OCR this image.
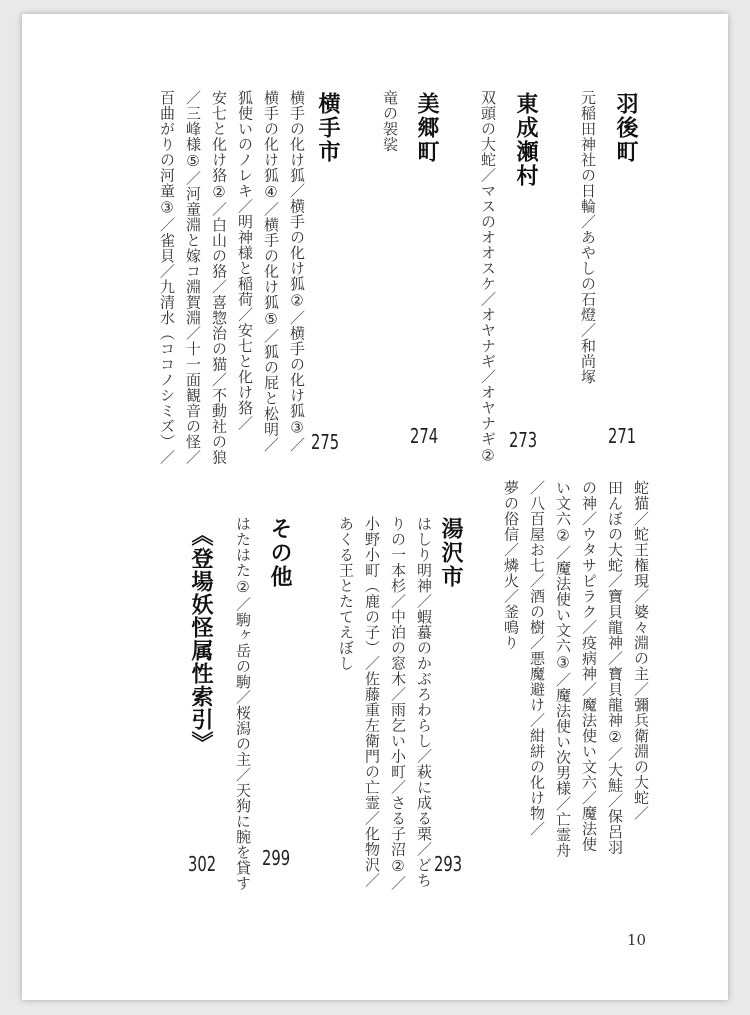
羽後町
元稲田神社の日輪／あやしの石燈／和尚塚
271
東成瀬村
双頭の大蛇／マスのオオスケ／オヤナギ／オヤナギ② 273
美郷町
竜の袈裟
274
横手市
横手の化け狐／横手の化け狐②／横手の化け狐③／
横手の化け狐④／横手の化け狐⑤／狐の屁と松明／
狐使いのノレキ／明神様と稲荷／安七と化け狢／
安七と化け狢②／白山の狢／喜惣治の猫／不動社の狼
／三峰様⑤／河童淵と嫁コ淵賀淵／十一面観音の怪／
百曲がりの河童③／雀貝／九清水（ココノシミズ）／	275
蛇猫／蛇王権現／婆々淵の主／彌兵衛淵の大蛇／
田んぼの大蛇／寶貝龍神／寶貝龍神②／大鮭／保呂羽
の神／ウタサピラク／疫病神／魔法使い文六／魔法使
い文六②／魔法使い文六③／魔法使い次男様／亡霊舟
／八百屋お七／酒の樹／悪魔避け／紺絣の化け物／
夢の俗信／燐火／釜鳴り
湯沢市
はしり明神／蝦蟇のかぶろわらし／萩に成る栗／どち
りの一本杉／中泊の窓木／雨乞い小町／さる子沼②／
小野小町（鹿の子）／佐藤重左衛門の亡霊／化物沢／
あくる王とたてえぼし
293
その他
はたはた②／駒ヶ岳の駒／桜潟の主／天狗に腕を貸す 299
《登場妖怪属性索引》
302
10
